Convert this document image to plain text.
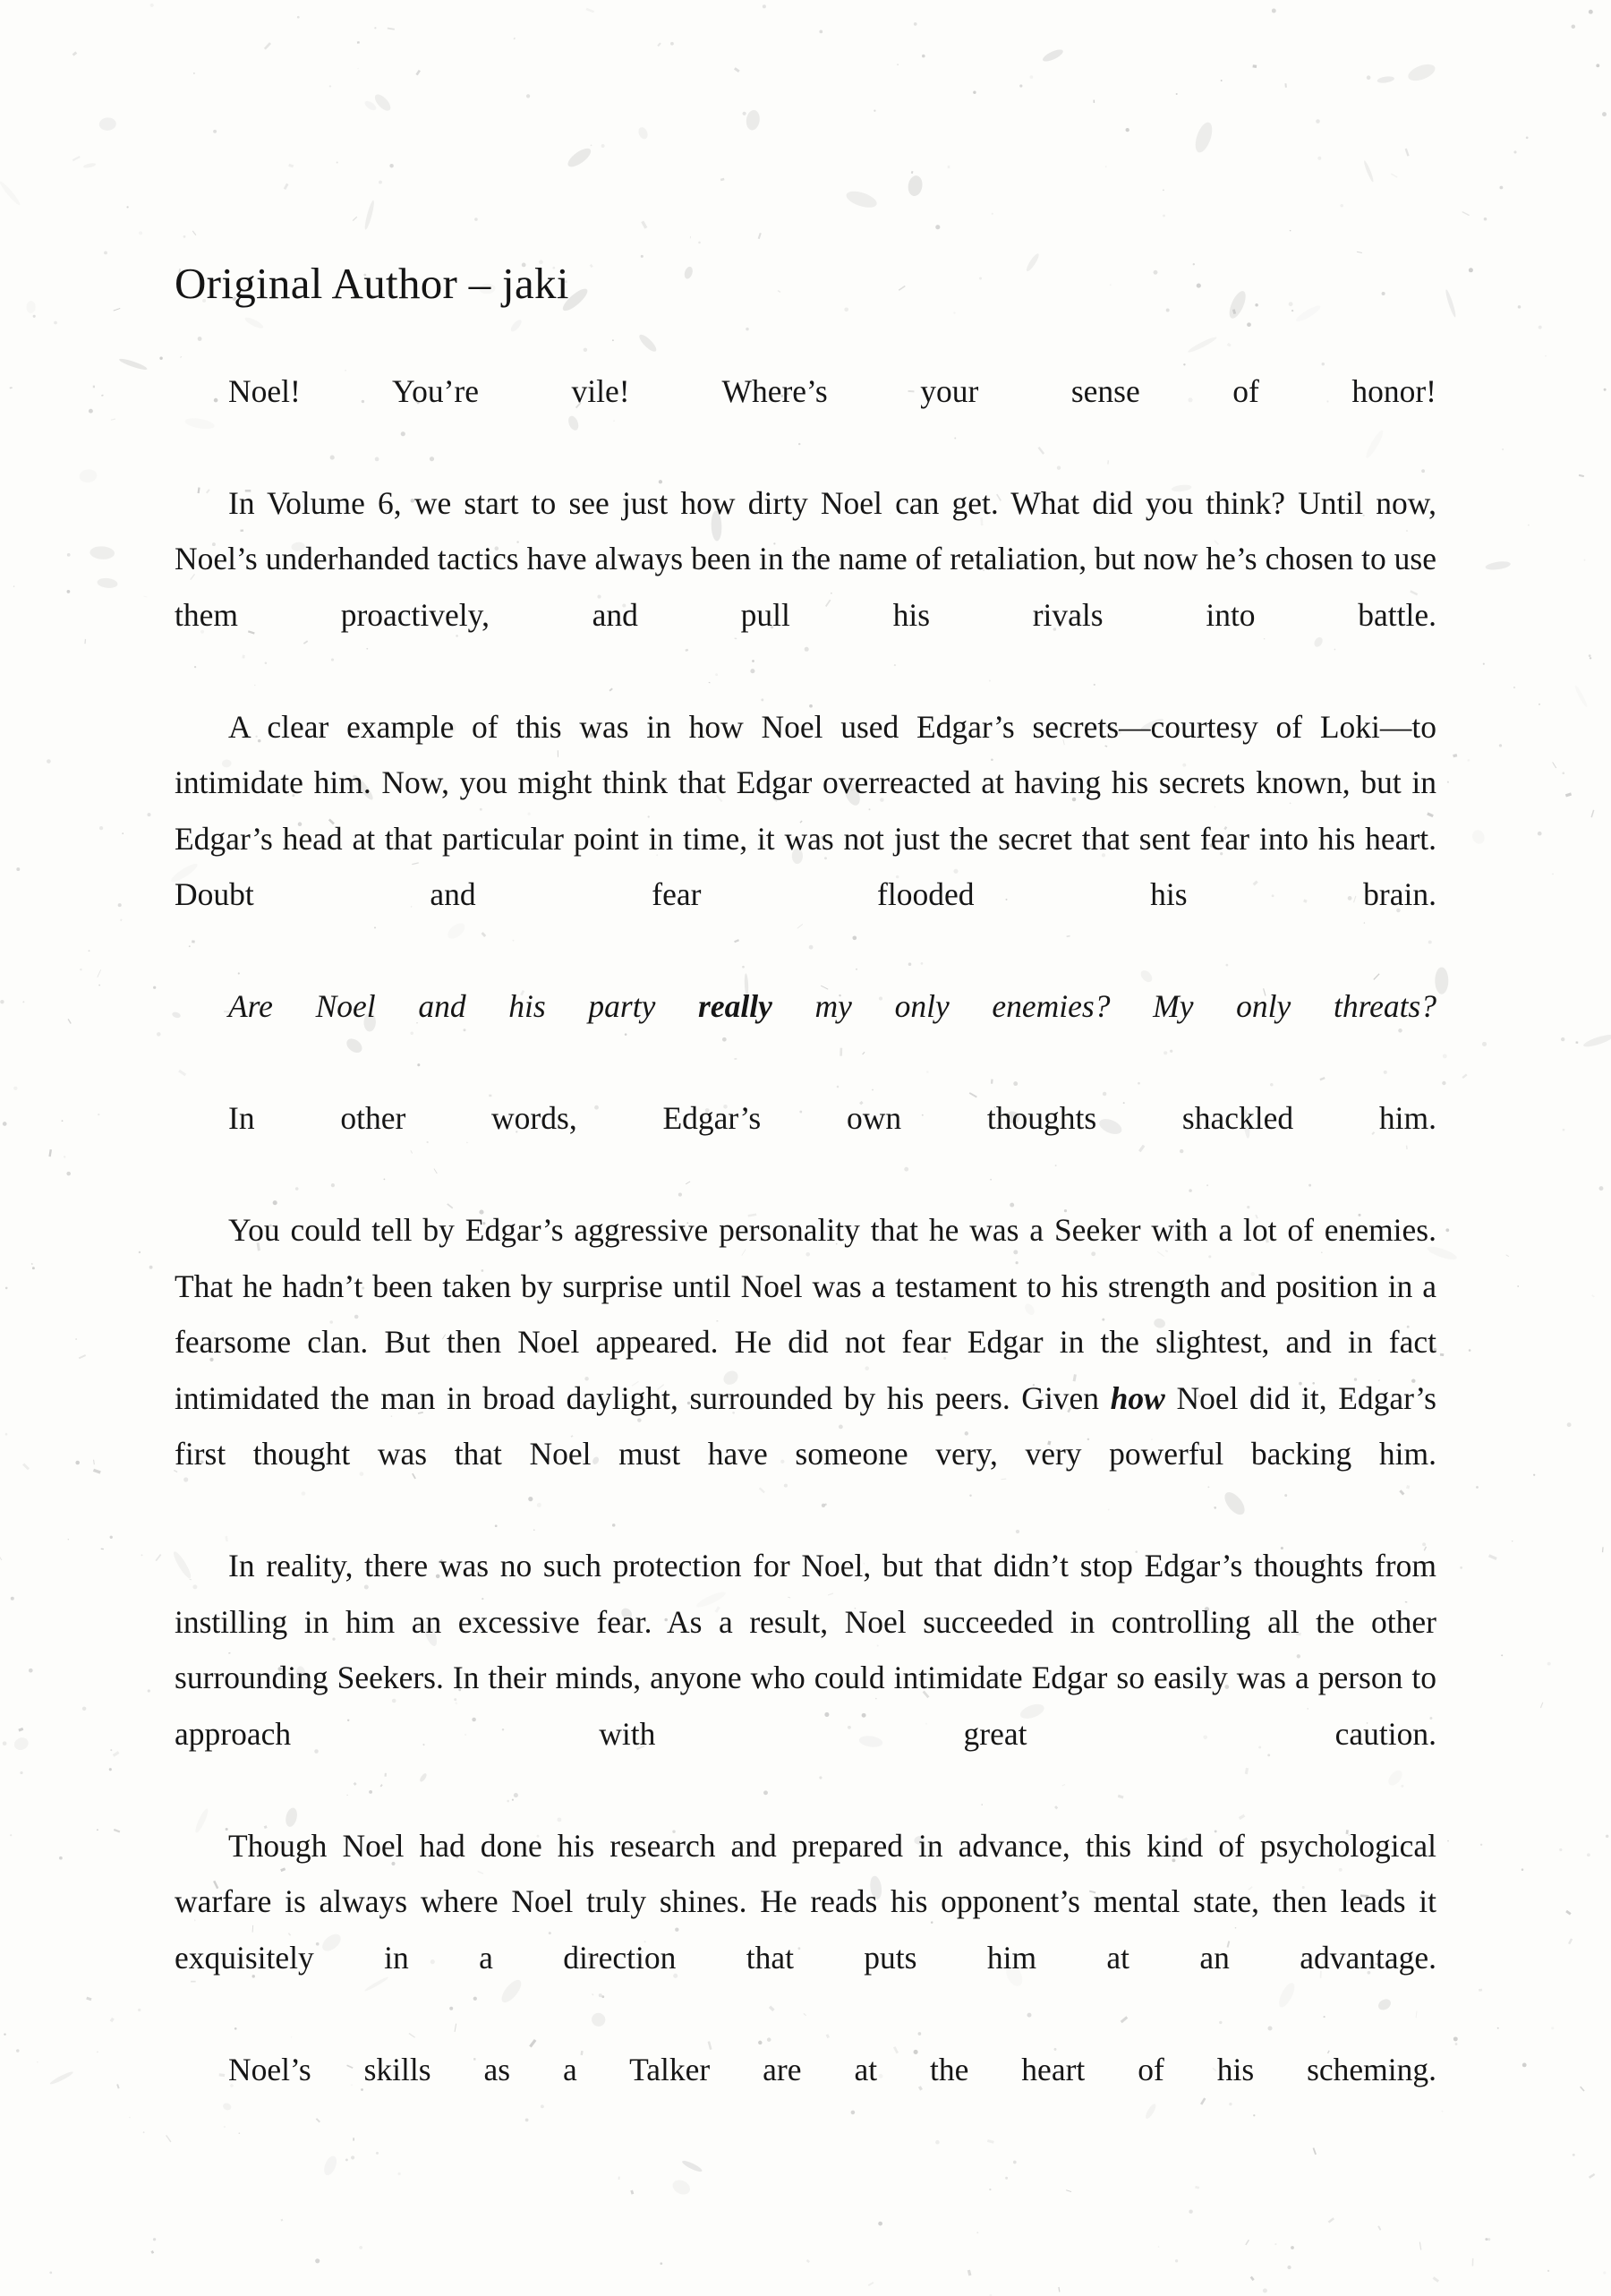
Original Author – jaki

Noel! You’re vile! Where’s your sense of honor!

In Volume 6, we start to see just how dirty Noel can get. What did you think? Until now, Noel’s underhanded tactics have always been in the name of retaliation, but now he’s chosen to use them proactively, and pull his rivals into battle.

A clear example of this was in how Noel used Edgar’s secrets—courtesy of Loki—to intimidate him. Now, you might think that Edgar overreacted at having his secrets known, but in Edgar’s head at that particular point in time, it was not just the secret that sent fear into his heart. Doubt and fear flooded his brain.

Are Noel and his party really my only enemies? My only threats?

In other words, Edgar’s own thoughts shackled him.

You could tell by Edgar’s aggressive personality that he was a Seeker with a lot of enemies. That he hadn’t been taken by surprise until Noel was a testament to his strength and position in a fearsome clan. But then Noel appeared. He did not fear Edgar in the slightest, and in fact intimidated the man in broad daylight, surrounded by his peers. Given how Noel did it, Edgar’s first thought was that Noel must have someone very, very powerful backing him.

In reality, there was no such protection for Noel, but that didn’t stop Edgar’s thoughts from instilling in him an excessive fear. As a result, Noel succeeded in controlling all the other surrounding Seekers. In their minds, anyone who could intimidate Edgar so easily was a person to approach with great caution.

Though Noel had done his research and prepared in advance, this kind of psychological warfare is always where Noel truly shines. He reads his opponent’s mental state, then leads it exquisitely in a direction that puts him at an advantage.

Noel’s skills as a Talker are at the heart of his scheming.
